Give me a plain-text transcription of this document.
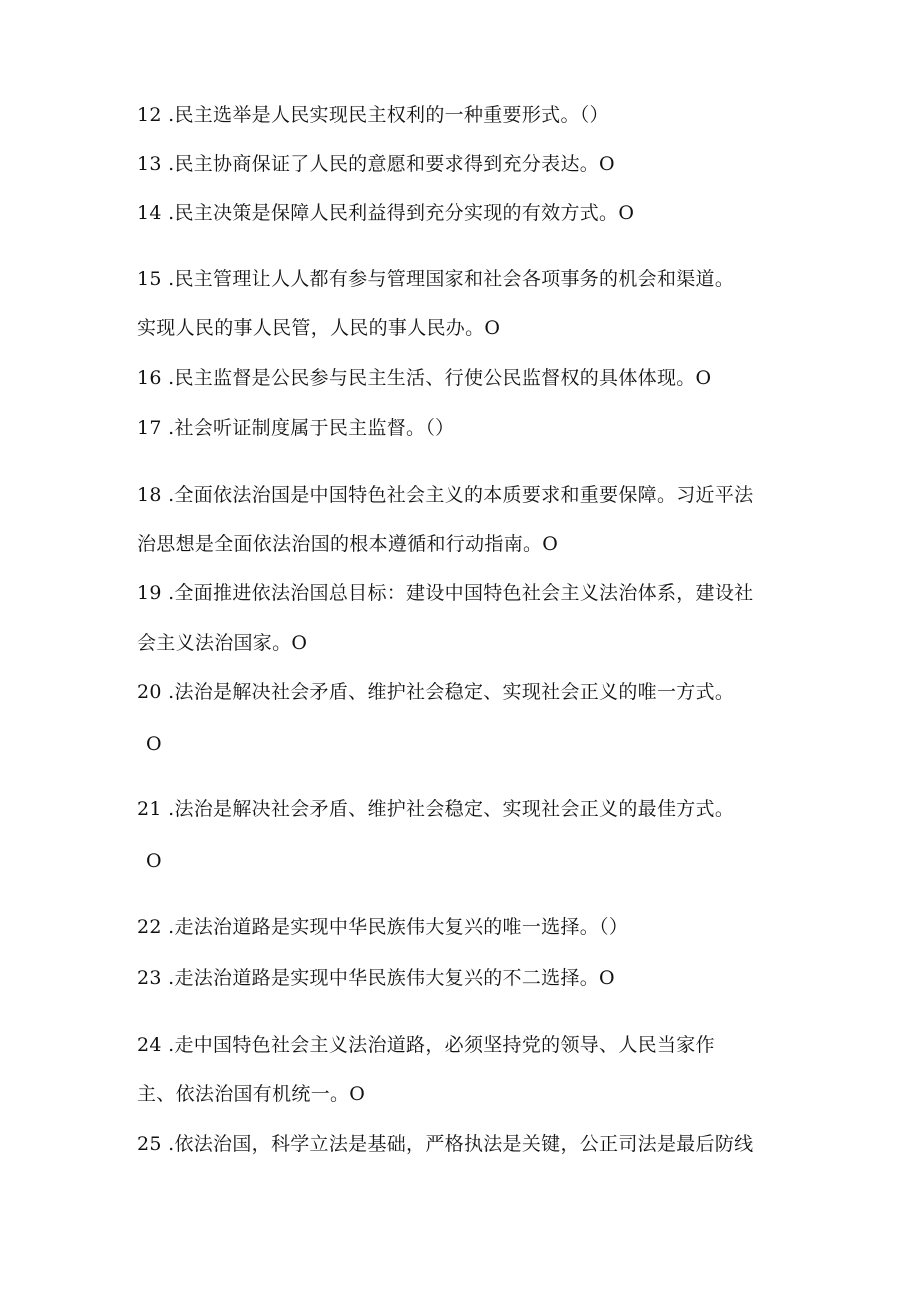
12 .民主选举是人民实现民主权利的一种重要形式。（）
13 .民主协商保证了人民的意愿和要求得到充分表达。O
14 .民主决策是保障人民利益得到充分实现的有效方式。O
15 .民主管理让人人都有参与管理国家和社会各项事务的机会和渠道。
实现人民的事人民管，人民的事人民办。O
16 .民主监督是公民参与民主生活、行使公民监督权的具体体现。O
17 .社会听证制度属于民主监督。（）
18 .全面依法治国是中国特色社会主义的本质要求和重要保障。习近平法
治思想是全面依法治国的根本遵循和行动指南。O
19 .全面推进依法治国总目标：建设中国特色社会主义法治体系，建设社
会主义法治国家。O
20 .法治是解决社会矛盾、维护社会稳定、实现社会正义的唯一方式。
O
21 .法治是解决社会矛盾、维护社会稳定、实现社会正义的最佳方式。
O
22 .走法治道路是实现中华民族伟大复兴的唯一选择。（）
23 .走法治道路是实现中华民族伟大复兴的不二选择。O
24 .走中国特色社会主义法治道路，必须坚持党的领导、人民当家作
主、依法治国有机统一。O
25 .依法治国，科学立法是基础，严格执法是关键，公正司法是最后防线
